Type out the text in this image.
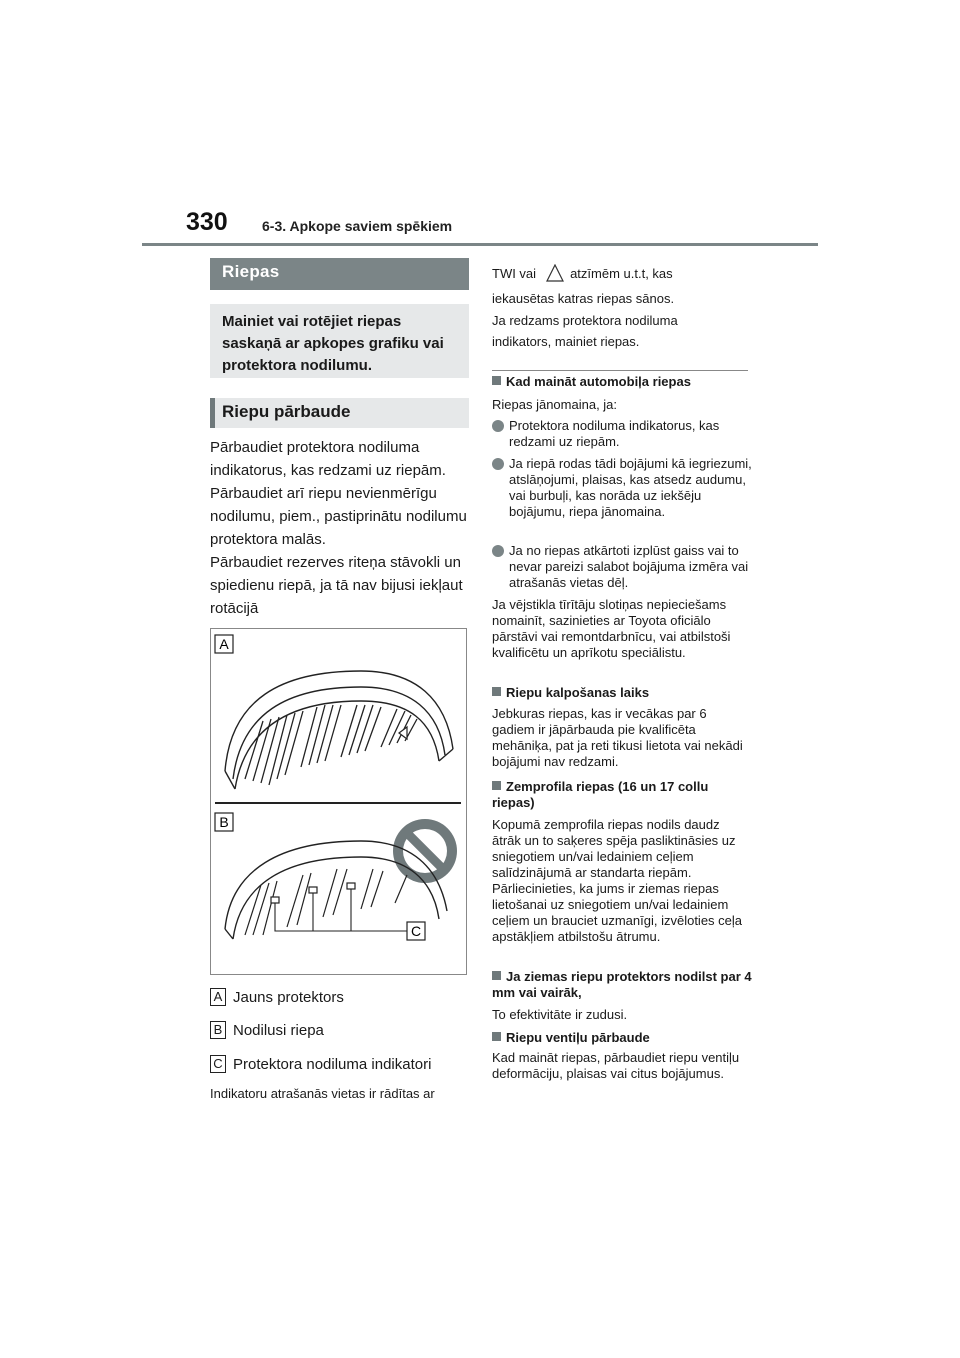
330 6-3. Apkope saviem spēkiem
Riepas
Mainiet vai rotējiet riepas saskaņā ar apkopes grafiku vai protektora nodilumu.
Riepu pārbaude
Pārbaudiet protektora nodiluma indikatorus, kas redzami uz riepām. Pārbaudiet arī riepu nevienmērīgu nodilumu, piem., pastiprinātu nodilumu protektora malās.
Pārbaudiet rezerves riteņa stāvokli un spiedienu riepā, ja tā nav bijusi iekļaut rotācijā
A
B
C
A Jauns protektors
B Nodilusi riepa
C Protektora nodiluma indikatori
Indikatoru atrašanās vietas ir rādītas ar
TWI vai	atzīmēm u.t.t, kas
iekausētas katras riepas sānos.
Ja redzams protektora nodiluma
indikators, mainiet riepas.
Kad maināt automobiļa riepas
Riepas jānomaina, ja:
Protektora nodiluma indikatorus, kas redzami uz riepām.
Ja riepā rodas tādi bojājumi kā iegriezumi, atslāņojumi, plaisas, kas atsedz audumu, vai burbuļi, kas norāda uz iekšēju bojājumu, riepa jānomaina.
Ja no riepas atkārtoti izplūst gaiss vai to nevar pareizi salabot bojājuma izmēra vai atrašanās vietas dēļ.
Ja vējstikla tīrītāju slotiņas nepieciešams nomainīt, sazinieties ar Toyota oficiālo pārstāvi vai remontdarbnīcu, vai atbilstoši kvalificētu un aprīkotu speciālistu.
Riepu kalpošanas laiks
Jebkuras riepas, kas ir vecākas par 6 gadiem ir jāpārbauda pie kvalificēta mehāniķa, pat ja reti tikusi lietota vai nekādi bojājumi nav redzami.
Zemprofila riepas (16 un 17 collu riepas)
Kopumā zemprofila riepas nodils daudz ātrāk un to saķeres spēja pasliktināsies uz sniegotiem un/vai ledainiem ceļiem salīdzinājumā ar standarta riepām. Pārliecinieties, ka jums ir ziemas riepas lietošanai uz sniegotiem un/vai ledainiem ceļiem un brauciet uzmanīgi, izvēloties ceļa apstākļiem atbilstošu ātrumu.
Ja ziemas riepu protektors nodilst par 4 mm vai vairāk,
To efektivitāte ir zudusi.
Riepu ventiļu pārbaude
Kad maināt riepas, pārbaudiet riepu ventiļu deformāciju, plaisas vai citus bojājumus.
